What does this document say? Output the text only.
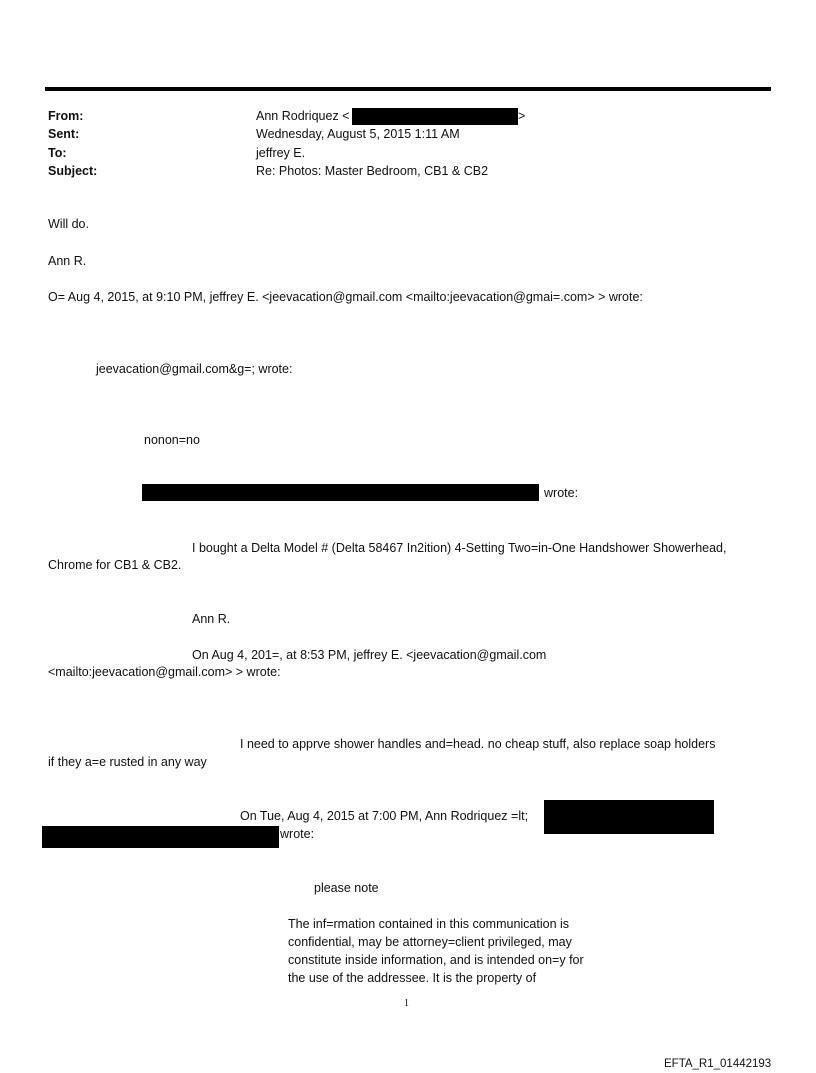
From:	Ann Rodriquez <	>
Sent:	Wednesday, August 5, 2015 1:11 AM
To:	jeffrey E.
Subject:	Re: Photos: Master Bedroom, CB1 & CB2
Will do.
Ann R.
O= Aug 4, 2015, at 9:10 PM, jeffrey E. <jeevacation@gmail.com <mailto:jeevacation@gmai=.com> > wrote:
jeevacation@gmail.com&g=; wrote:
nonon=no
wrote:
I bought a Delta Model # (Delta 58467 In2ition) 4-Setting Two=in-One Handshower Showerhead,
Chrome for CB1 & CB2.
Ann R.
On Aug 4, 201=, at 8:53 PM, jeffrey E. <jeevacation@gmail.com
<mailto:jeevacation@gmail.com> > wrote:
I need to apprve shower handles and=head. no cheap stuff, also replace soap holders
if they a=e rusted in any way
On Tue, Aug 4, 2015 at 7:00 PM, Ann Rodriquez =lt;
wrote:
please note
The inf=rmation contained in this communication is
confidential, may be attorney=client privileged, may
constitute inside information, and is intended on=y for
the use of the addressee. It is the property of
1
EFTA_R1_01442193
